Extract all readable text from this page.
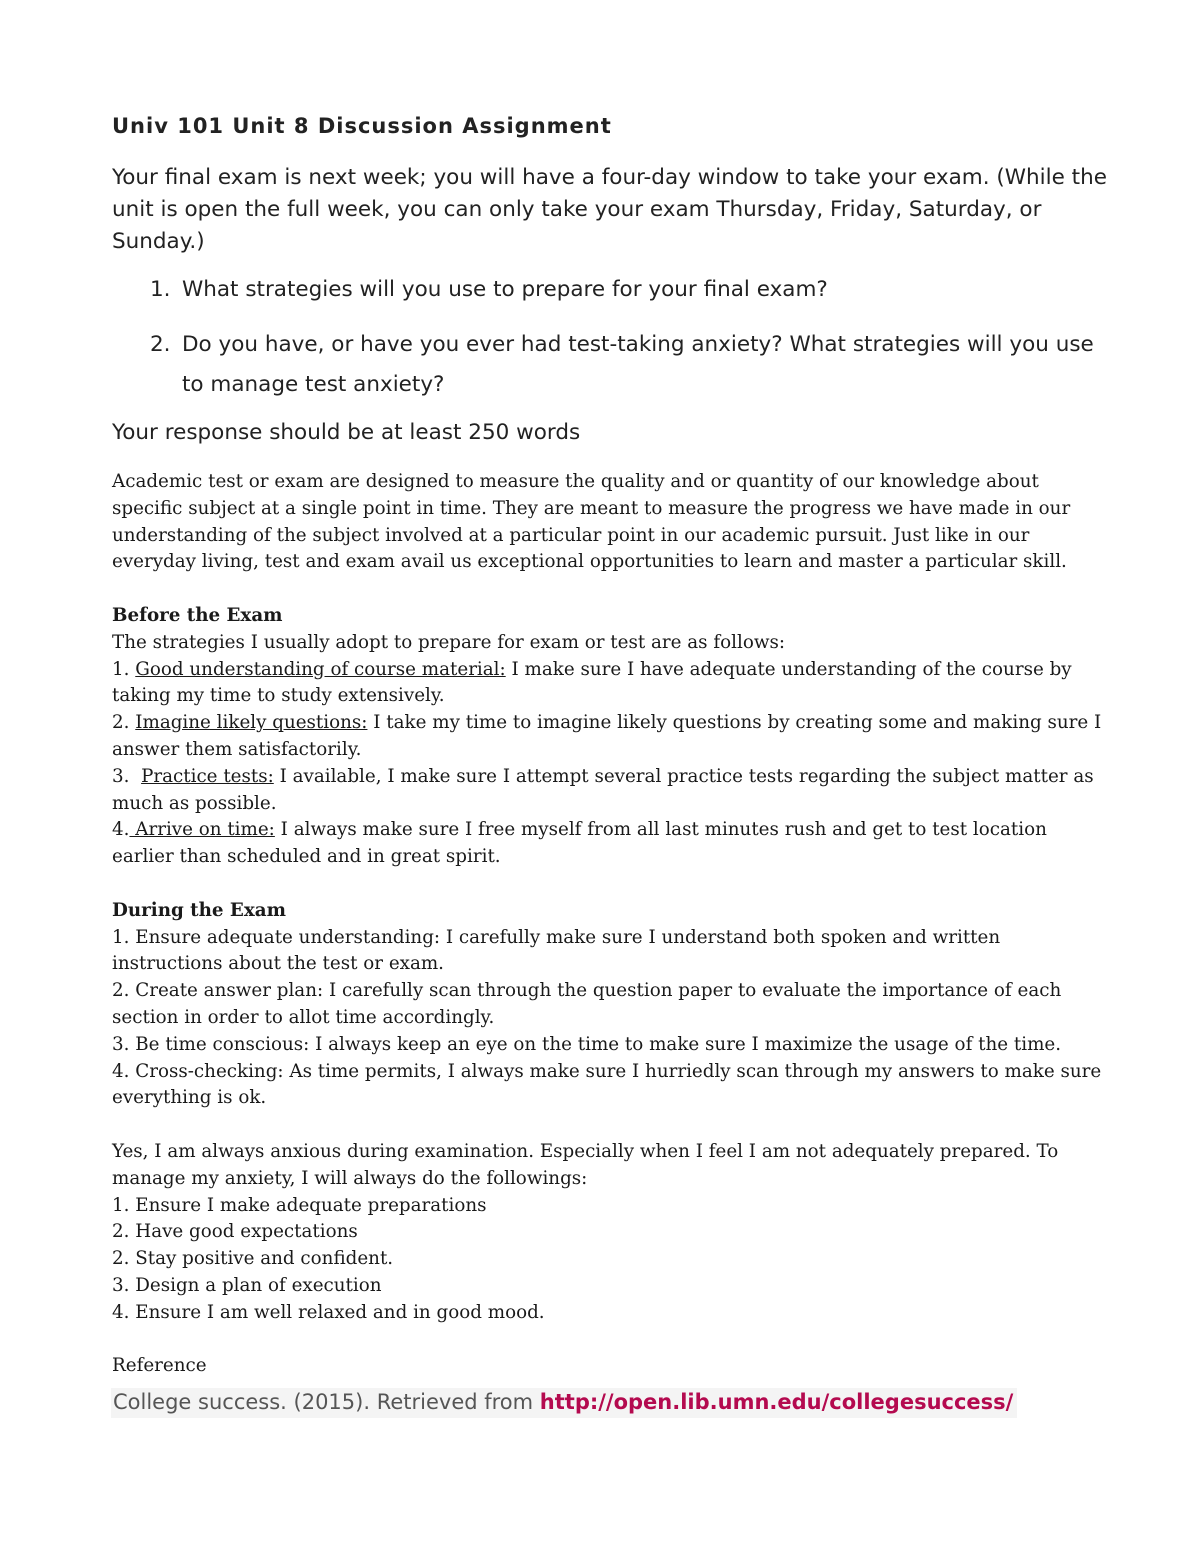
Univ 101 Unit 8 Discussion Assignment

Your final exam is next week; you will have a four-day window to take your exam. (While the unit is open the full week, you can only take your exam Thursday, Friday, Saturday, or Sunday.)

1. What strategies will you use to prepare for your final exam?

2. Do you have, or have you ever had test-taking anxiety? What strategies will you use to manage test anxiety?

Your response should be at least 250 words

Academic test or exam are designed to measure the quality and or quantity of our knowledge about specific subject at a single point in time. They are meant to measure the progress we have made in our understanding of the subject involved at a particular point in our academic pursuit. Just like in our everyday living, test and exam avail us exceptional opportunities to learn and master a particular skill.

Before the Exam

The strategies I usually adopt to prepare for exam or test are as follows:

1. Good understanding of course material: I make sure I have adequate understanding of the course by taking my time to study extensively.

2. Imagine likely questions: I take my time to imagine likely questions by creating some and making sure I answer them satisfactorily.

3.  Practice tests: I available, I make sure I attempt several practice tests regarding the subject matter as much as possible.

4. Arrive on time: I always make sure I free myself from all last minutes rush and get to test location earlier than scheduled and in great spirit.

During the Exam

1. Ensure adequate understanding: I carefully make sure I understand both spoken and written instructions about the test or exam.

2. Create answer plan: I carefully scan through the question paper to evaluate the importance of each section in order to allot time accordingly.

3. Be time conscious: I always keep an eye on the time to make sure I maximize the usage of the time.

4. Cross-checking: As time permits, I always make sure I hurriedly scan through my answers to make sure everything is ok.

Yes, I am always anxious during examination. Especially when I feel I am not adequately prepared. To manage my anxiety, I will always do the followings:

1. Ensure I make adequate preparations

2. Have good expectations

2. Stay positive and confident.

3. Design a plan of execution

4. Ensure I am well relaxed and in good mood.

Reference

College success. (2015). Retrieved from http://open.lib.umn.edu/collegesuccess/
